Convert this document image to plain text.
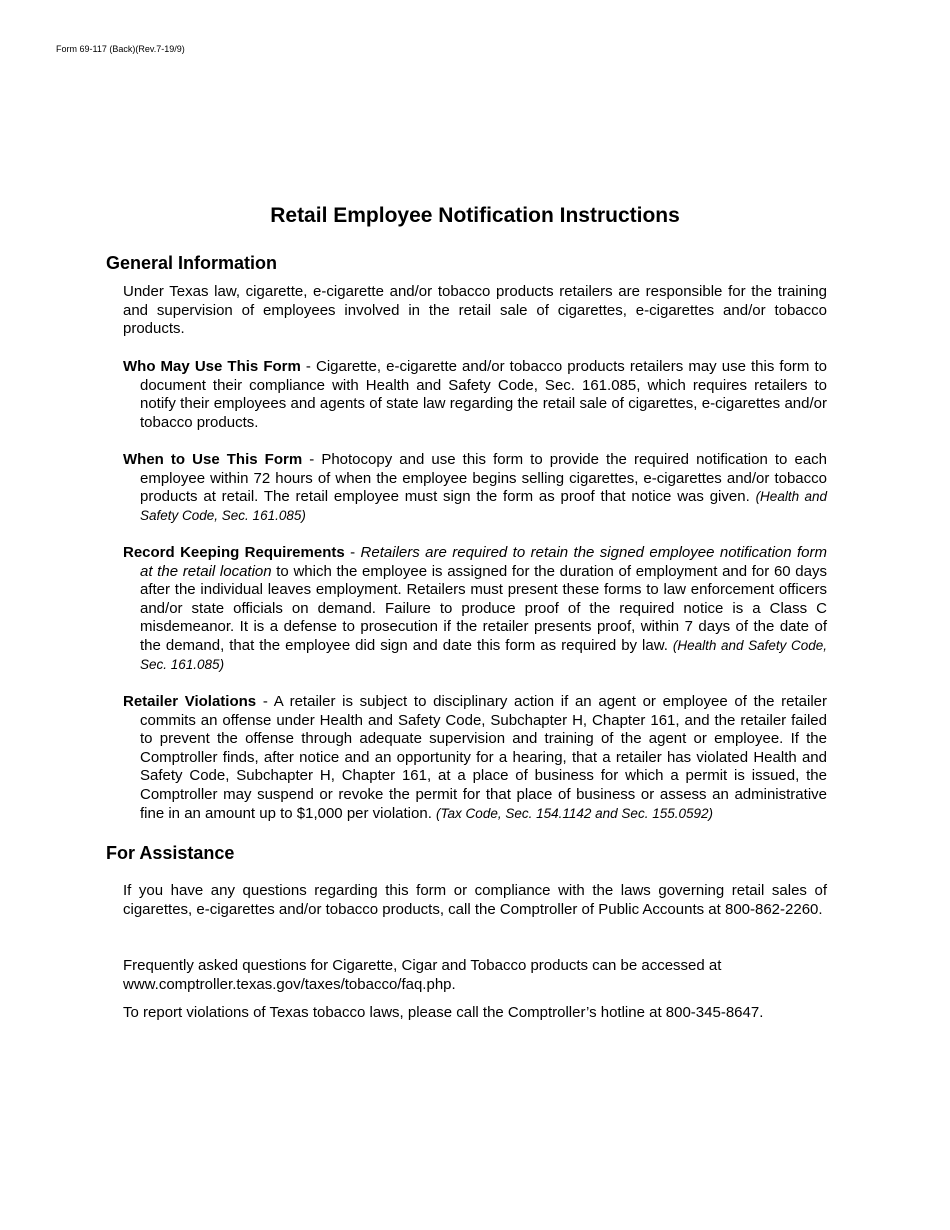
Form 69-117 (Back)(Rev.7-19/9)
Retail Employee Notification Instructions
General Information

Under Texas law, cigarette, e-cigarette and/or tobacco products retailers are responsible for the training and supervision of employees involved in the retail sale of cigarettes, e-cigarettes and/or tobacco products.

Who May Use This Form - Cigarette, e-cigarette and/or tobacco products retailers may use this form to document their compliance with Health and Safety Code, Sec. 161.085, which requires retailers to notify their employees and agents of state law regarding the retail sale of cigarettes, e-cigarettes and/or tobacco products.

When to Use This Form - Photocopy and use this form to provide the required notification to each employee within 72 hours of when the employee begins selling cigarettes, e-cigarettes and/or tobacco products at retail. The retail employee must sign the form as proof that notice was given. (Health and Safety Code, Sec. 161.085)

Record Keeping Requirements - Retailers are required to retain the signed employee notification form at the retail location to which the employee is assigned for the duration of employment and for 60 days after the individual leaves employment. Retailers must present these forms to law enforcement officers and/or state officials on demand. Failure to produce proof of the required notice is a Class C misdemeanor. It is a defense to prosecution if the retailer presents proof, within 7 days of the date of the demand, that the employee did sign and date this form as required by law. (Health and Safety Code, Sec. 161.085)

Retailer Violations - A retailer is subject to disciplinary action if an agent or employee of the retailer commits an offense under Health and Safety Code, Subchapter H, Chapter 161, and the retailer failed to prevent the offense through adequate supervision and training of the agent or employee. If the Comptroller finds, after notice and an opportunity for a hearing, that a retailer has violated Health and Safety Code, Subchapter H, Chapter 161, at a place of business for which a permit is issued, the Comptroller may suspend or revoke the permit for that place of business or assess an administrative fine in an amount up to $1,000 per violation. (Tax Code, Sec. 154.1142 and Sec. 155.0592)

For Assistance

If you have any questions regarding this form or compliance with the laws governing retail sales of cigarettes, e-cigarettes and/or tobacco products, call the Comptroller of Public Accounts at 800-862-2260.

Frequently asked questions for Cigarette, Cigar and Tobacco products can be accessed at
www.comptroller.texas.gov/taxes/tobacco/faq.php.

To report violations of Texas tobacco laws, please call the Comptroller’s hotline at 800-345-8647.
